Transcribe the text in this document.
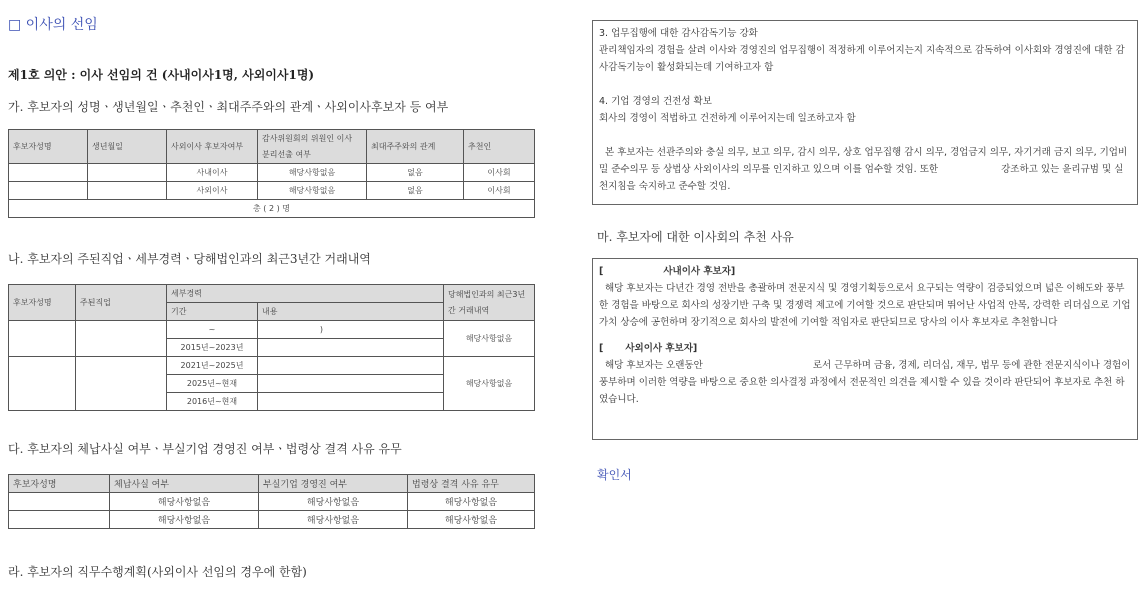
□ 이사의 선임
제1호 의안 : 이사 선임의 건 (사내이사1명, 사외이사1명)
가. 후보자의 성명ㆍ생년월일ㆍ추천인ㆍ최대주주와의 관계ㆍ사외이사후보자 등 여부
후보자성명	생년월일	사외이사 후보자여부	감사위원회의 위원인 이사 분리선출 여부	최대주주와의 관계	추천인
		사내이사	해당사항없음	없음	이사회
		사외이사	해당사항없음	없음	이사회
총 ( 2 ) 명					
나. 후보자의 주된직업ㆍ세부경력ㆍ당해법인과의 최근3년간 거래내역
후보자성명	주된직업	세부경력		당해법인과의 최근3년간 거래내역
		기간	내용	
		~	)	해당사항없음
		2015년~2023년		
		2021년~2025년		해당사항없음
		2025년~현재		
		2016년~현재		
다. 후보자의 체납사실 여부ㆍ부실기업 경영진 여부ㆍ법령상 결격 사유 유무
후보자성명	체납사실 여부	부실기업 경영진 여부	법령상 결격 사유 유무
	해당사항없음	해당사항없음	해당사항없음
	해당사항없음	해당사항없음	해당사항없음
라. 후보자의 직무수행계획(사외이사 선임의 경우에 한함)

3. 업무집행에 대한 감사감독기능 강화

관리책임자의 경험을 살려 이사와 경영진의 업무집행이 적정하게 이루어지는지 지속적으로 감독하여 이사회와 경영진에 대한 감사감독기능이 활성화되는데 기여하고자 함

4. 기업 경영의 건전성 확보

회사의 경영이 적법하고 건전하게 이루어지는데 일조하고자 함

본 후보자는 선관주의와 충실 의무, 보고 의무, 감시 의무, 상호 업무집행 감시 의무, 경업금지 의무, 자기거래 금지 의무, 기업비밀 준수의무 등 상법상 사외이사의 의무를 인지하고 있으며 이를 엄수할 것임. 또한	강조하고 있는 윤리규범 및 실천지침을 숙지하고 준수할 것임.

마. 후보자에 대한 이사회의 추천 사유

[	사내이사 후보자]

해당 후보자는 다년간 경영 전반을 총괄하며 전문지식 및 경영기획등으로서 요구되는 역량이 검증되었으며 넓은 이해도와 풍부한 경험을 바탕으로 회사의 성장기반 구축 및 경쟁력 제고에 기여할 것으로 판단되며 뛰어난 사업적 안목, 강력한 리더십으로 기업가치 상승에 공헌하며 장기적으로 회사의 발전에 기여할 적임자로 판단되므로 당사의 이사 후보자로 추천합니다

[ 사외이사 후보자]

해당 후보자는 오랜동안	로서 근무하며 금융, 경제, 리더십, 재무, 법무 등에 관한 전문지식이나 경험이 풍부하며 이러한 역량을 바탕으로 중요한 의사결정 과정에서 전문적인 의견을 제시할 수 있을 것이라 판단되어 후보자로 추천 하였습니다.

확인서
